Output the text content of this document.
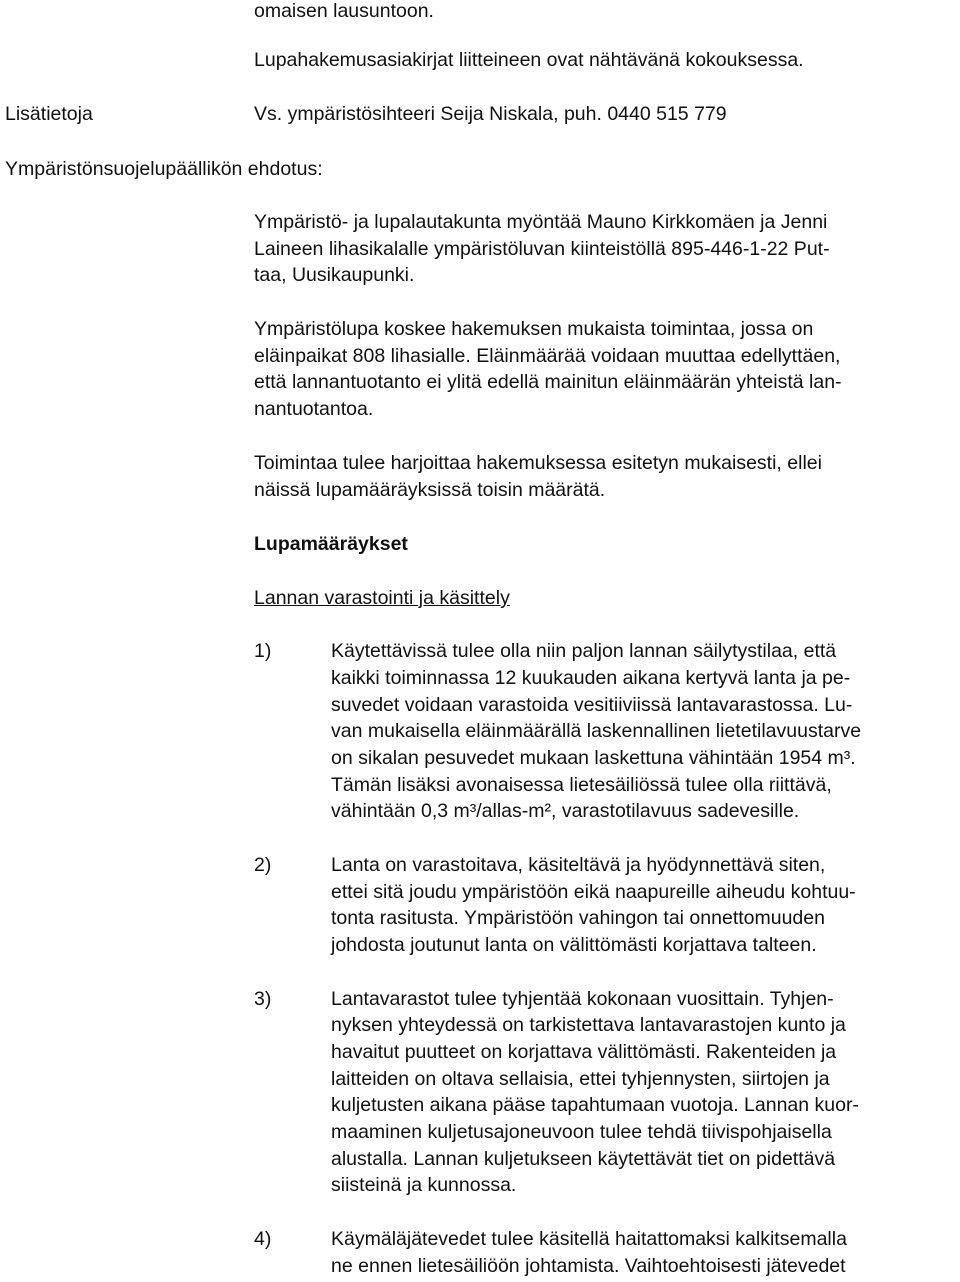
omaisen lausuntoon.
Lupahakemusasiakirjat liitteineen ovat nähtävänä kokouksessa.
Lisätietoja	Vs. ympäristösihteeri Seija Niskala, puh. 0440 515 779
Ympäristönsuojelupäällikön ehdotus:
Ympäristö- ja lupalautakunta myöntää Mauno Kirkkomäen ja Jenni
Laineen lihasikalalle ympäristöluvan kiinteistöllä 895-446-1-22 Put-
taa, Uusikaupunki.
Ympäristölupa koskee hakemuksen mukaista toimintaa, jossa on
eläinpaikat 808 lihasialle. Eläinmäärää voidaan muuttaa edellyttäen,
että lannantuotanto ei ylitä edellä mainitun eläinmäärän yhteistä lan-
nantuotantoa.
Toimintaa tulee harjoittaa hakemuksessa esitetyn mukaisesti, ellei
näissä lupamääräyksissä toisin määrätä.
Lupamääräykset
Lannan varastointi ja käsittely
1)	Käytettävissä tulee olla niin paljon lannan säilytystilaa, että
kaikki toiminnassa 12 kuukauden aikana kertyvä lanta ja pe-
suvedet voidaan varastoida vesitiiviissä lantavarastossa. Lu-
van mukaisella eläinmäärällä laskennallinen lietetilavuustarve
on sikalan pesuvedet mukaan laskettuna vähintään 1954 m³.
Tämän lisäksi avonaisessa lietesäiliössä tulee olla riittävä,
vähintään 0,3 m³/allas-m², varastotilavuus sadevesille.
2)	Lanta on varastoitava, käsiteltävä ja hyödynnettävä siten,
ettei sitä joudu ympäristöön eikä naapureille aiheudu kohtuu-
tonta rasitusta. Ympäristöön vahingon tai onnettomuuden
johdosta joutunut lanta on välittömästi korjattava talteen.
3)	Lantavarastot tulee tyhjentää kokonaan vuosittain. Tyhjen-
nyksen yhteydessä on tarkistettava lantavarastojen kunto ja
havaitut puutteet on korjattava välittömästi. Rakenteiden ja
laitteiden on oltava sellaisia, ettei tyhjennysten, siirtojen ja
kuljetusten aikana pääse tapahtumaan vuotoja. Lannan kuor-
maaminen kuljetusajoneuvoon tulee tehdä tiivispohjaisella
alustalla. Lannan kuljetukseen käytettävät tiet on pidettävä
siisteinä ja kunnossa.
4)	Käymäläjätevedet tulee käsitellä haitattomaksi kalkitsemalla
ne ennen lietesäiliöön johtamista. Vaihtoehtoisesti jätevedet
